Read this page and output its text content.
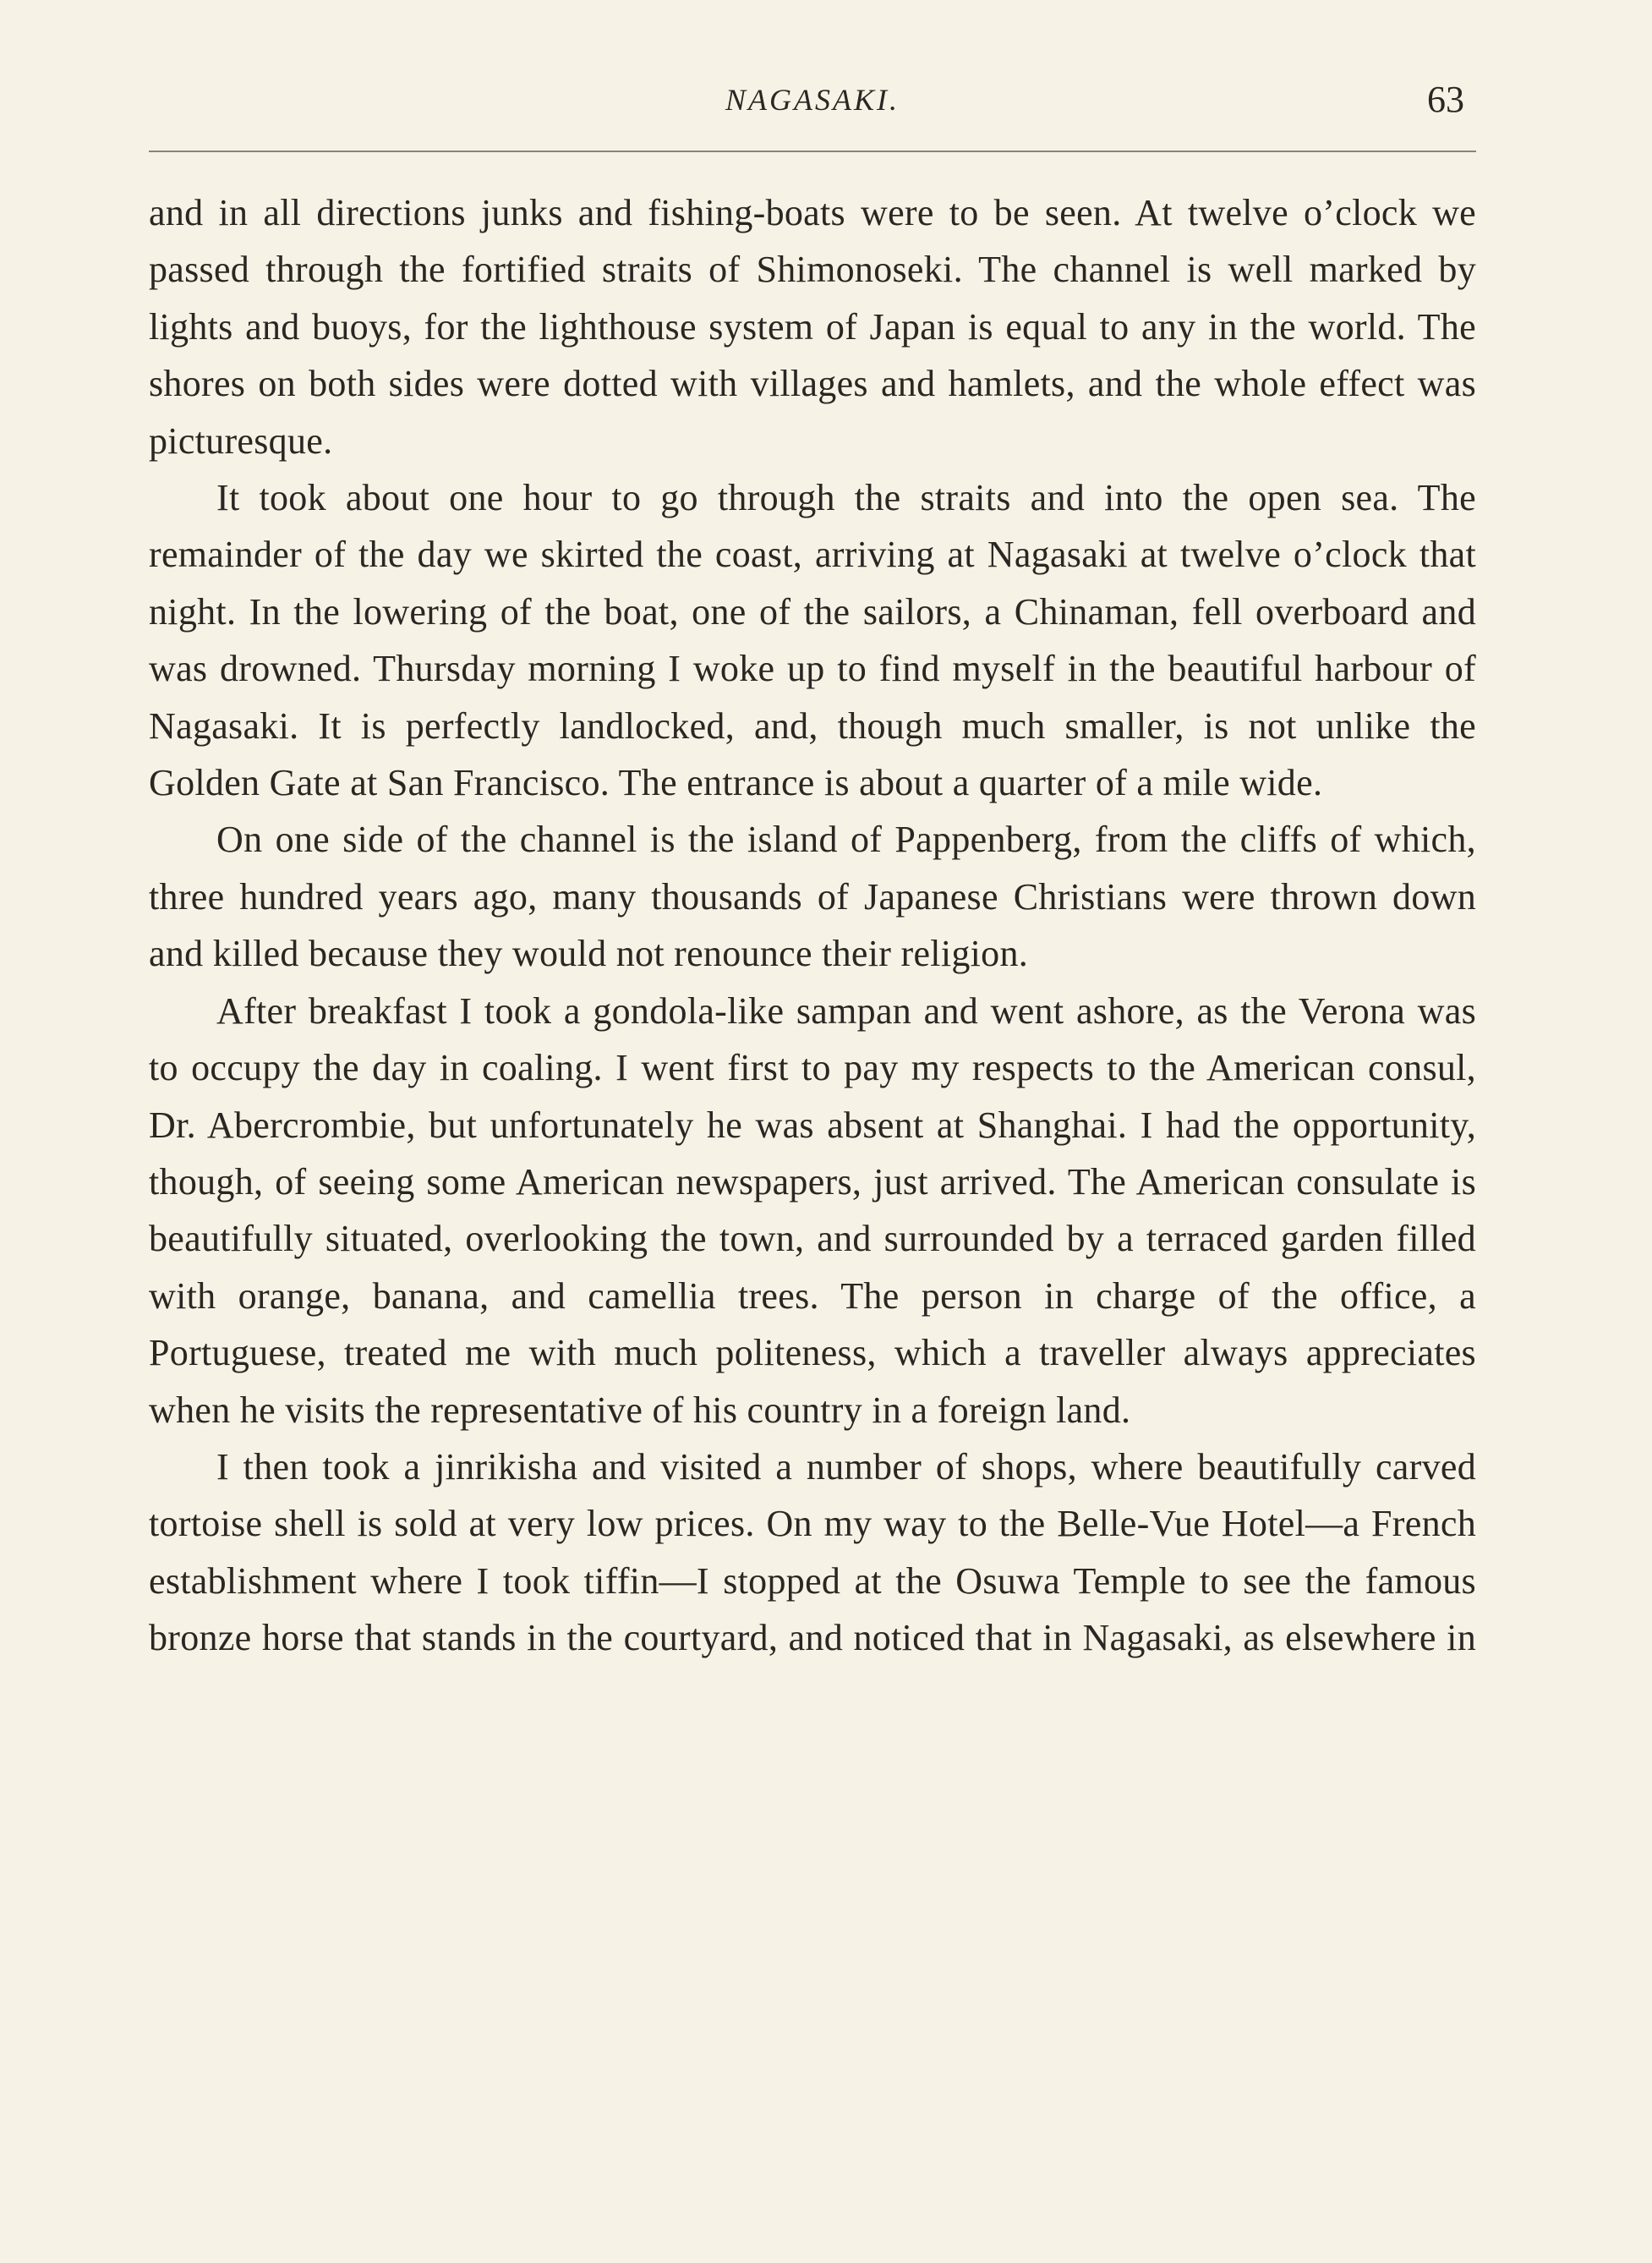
NAGASAKI.	63

and in all directions junks and fishing-boats were to be seen. At twelve o’clock we passed through the fortified straits of Shimonoseki. The channel is well marked by lights and buoys, for the lighthouse system of Japan is equal to any in the world. The shores on both sides were dotted with villages and hamlets, and the whole effect was picturesque.

It took about one hour to go through the straits and into the open sea. The remainder of the day we skirted the coast, arriving at Nagasaki at twelve o’clock that night. In the lowering of the boat, one of the sailors, a Chinaman, fell overboard and was drowned. Thursday morning I woke up to find myself in the beautiful harbour of Nagasaki. It is perfectly landlocked, and, though much smaller, is not unlike the Golden Gate at San Francisco. The entrance is about a quarter of a mile wide.

On one side of the channel is the island of Pappenberg, from the cliffs of which, three hundred years ago, many thousands of Japanese Christians were thrown down and killed because they would not renounce their religion.

After breakfast I took a gondola-like sampan and went ashore, as the Verona was to occupy the day in coaling. I went first to pay my respects to the American consul, Dr. Abercrombie, but unfortunately he was absent at Shanghai. I had the opportunity, though, of seeing some American newspapers, just arrived. The American consulate is beautifully situated, overlooking the town, and surrounded by a terraced garden filled with orange, banana, and camellia trees. The person in charge of the office, a Portuguese, treated me with much politeness, which a traveller always appreciates when he visits the representative of his country in a foreign land.

I then took a jinrikisha and visited a number of shops, where beautifully carved tortoise shell is sold at very low prices. On my way to the Belle-Vue Hotel—a French establishment where I took tiffin—I stopped at the Osuwa Temple to see the famous bronze horse that stands in the courtyard, and noticed that in Nagasaki, as elsewhere in
